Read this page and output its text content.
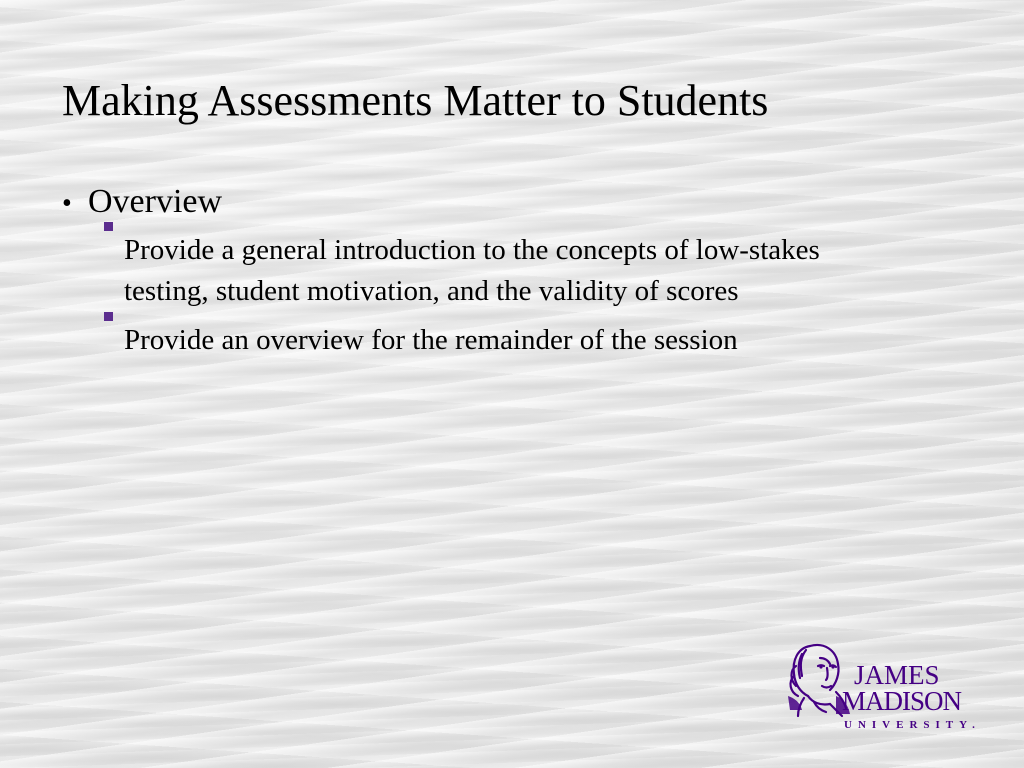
Making Assessments Matter to Students
• Overview
Provide a general introduction to the concepts of low-stakes testing, student motivation, and the validity of scores
Provide an overview for the remainder of the session
JAMES
MADISON
UNIVERSITY.
